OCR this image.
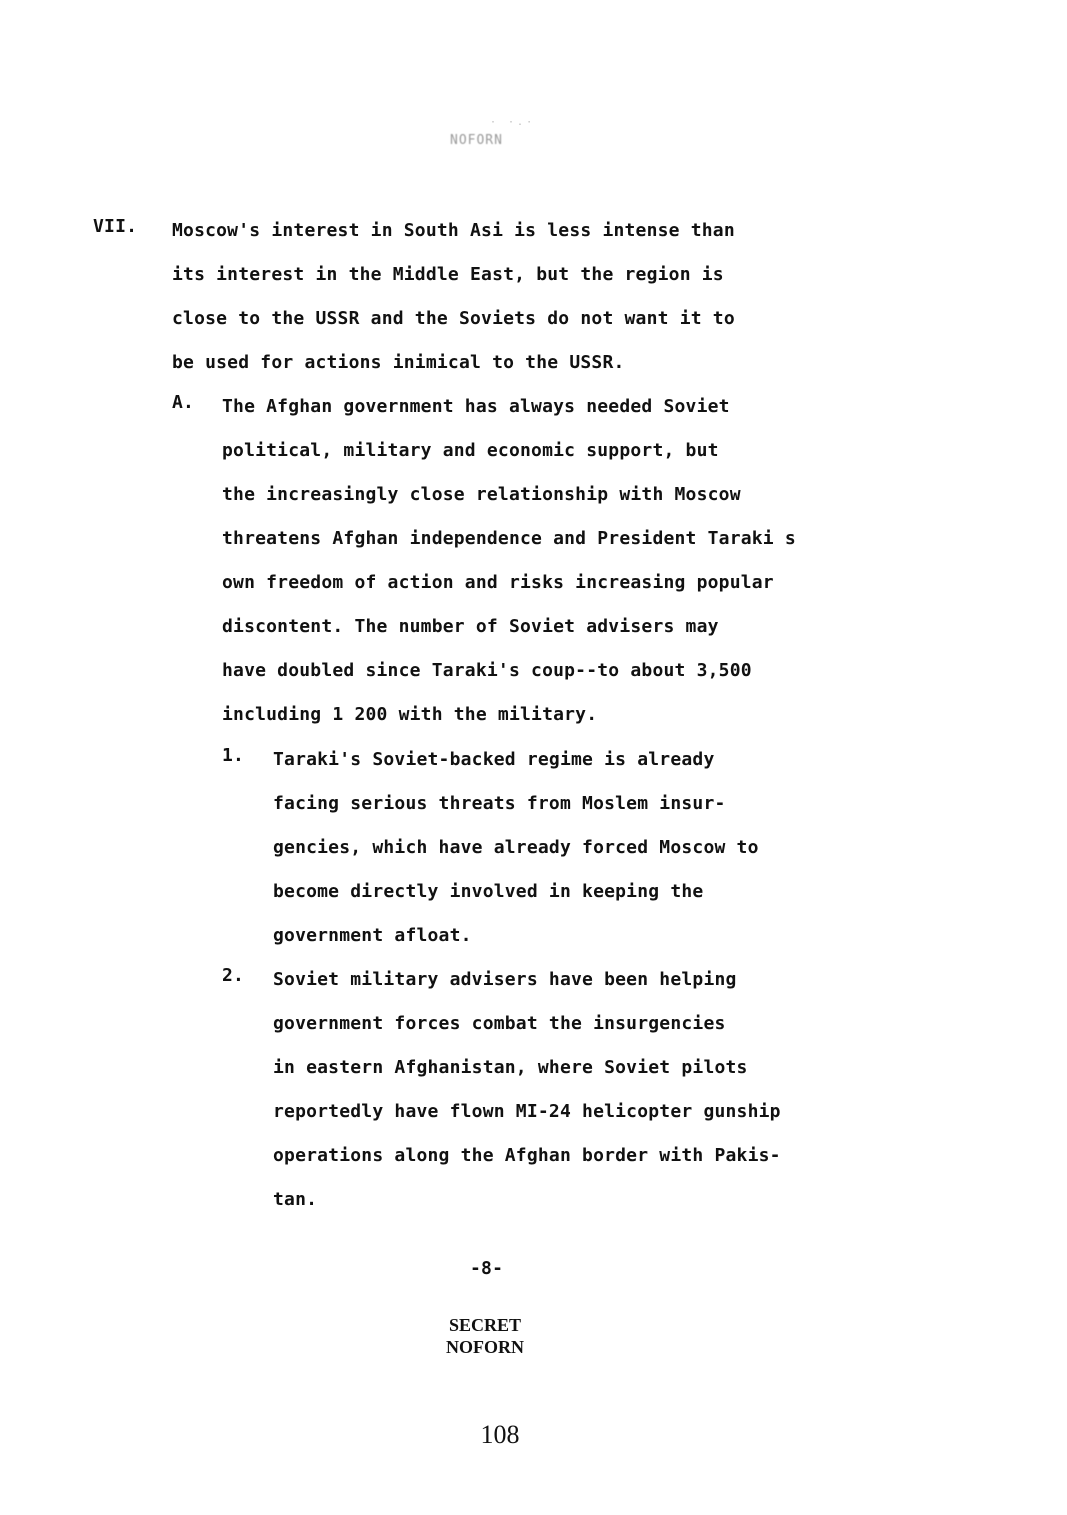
· ·.·
NOFORN
VII. Moscow's interest in South Asi is less intense than
its interest in the Middle East, but the region is
close to the USSR and the Soviets do not want it to
be used for actions inimical to the USSR.
A. The Afghan government has always needed Soviet
political, military and economic support, but
the increasingly close relationship with Moscow
threatens Afghan independence and President Taraki s
own freedom of action and risks increasing popular
discontent. The number of Soviet advisers may
have doubled since Taraki's coup--to about 3,500
including 1 200 with the military.
1. Taraki's Soviet-backed regime is already
facing serious threats from Moslem insur-
gencies, which have already forced Moscow to
become directly involved in keeping the
government afloat.
2. Soviet military advisers have been helping
government forces combat the insurgencies
in eastern Afghanistan, where Soviet pilots
reportedly have flown MI-24 helicopter gunship
operations along the Afghan border with Pakis-
tan.
-8-
SECRET
NOFORN
108
